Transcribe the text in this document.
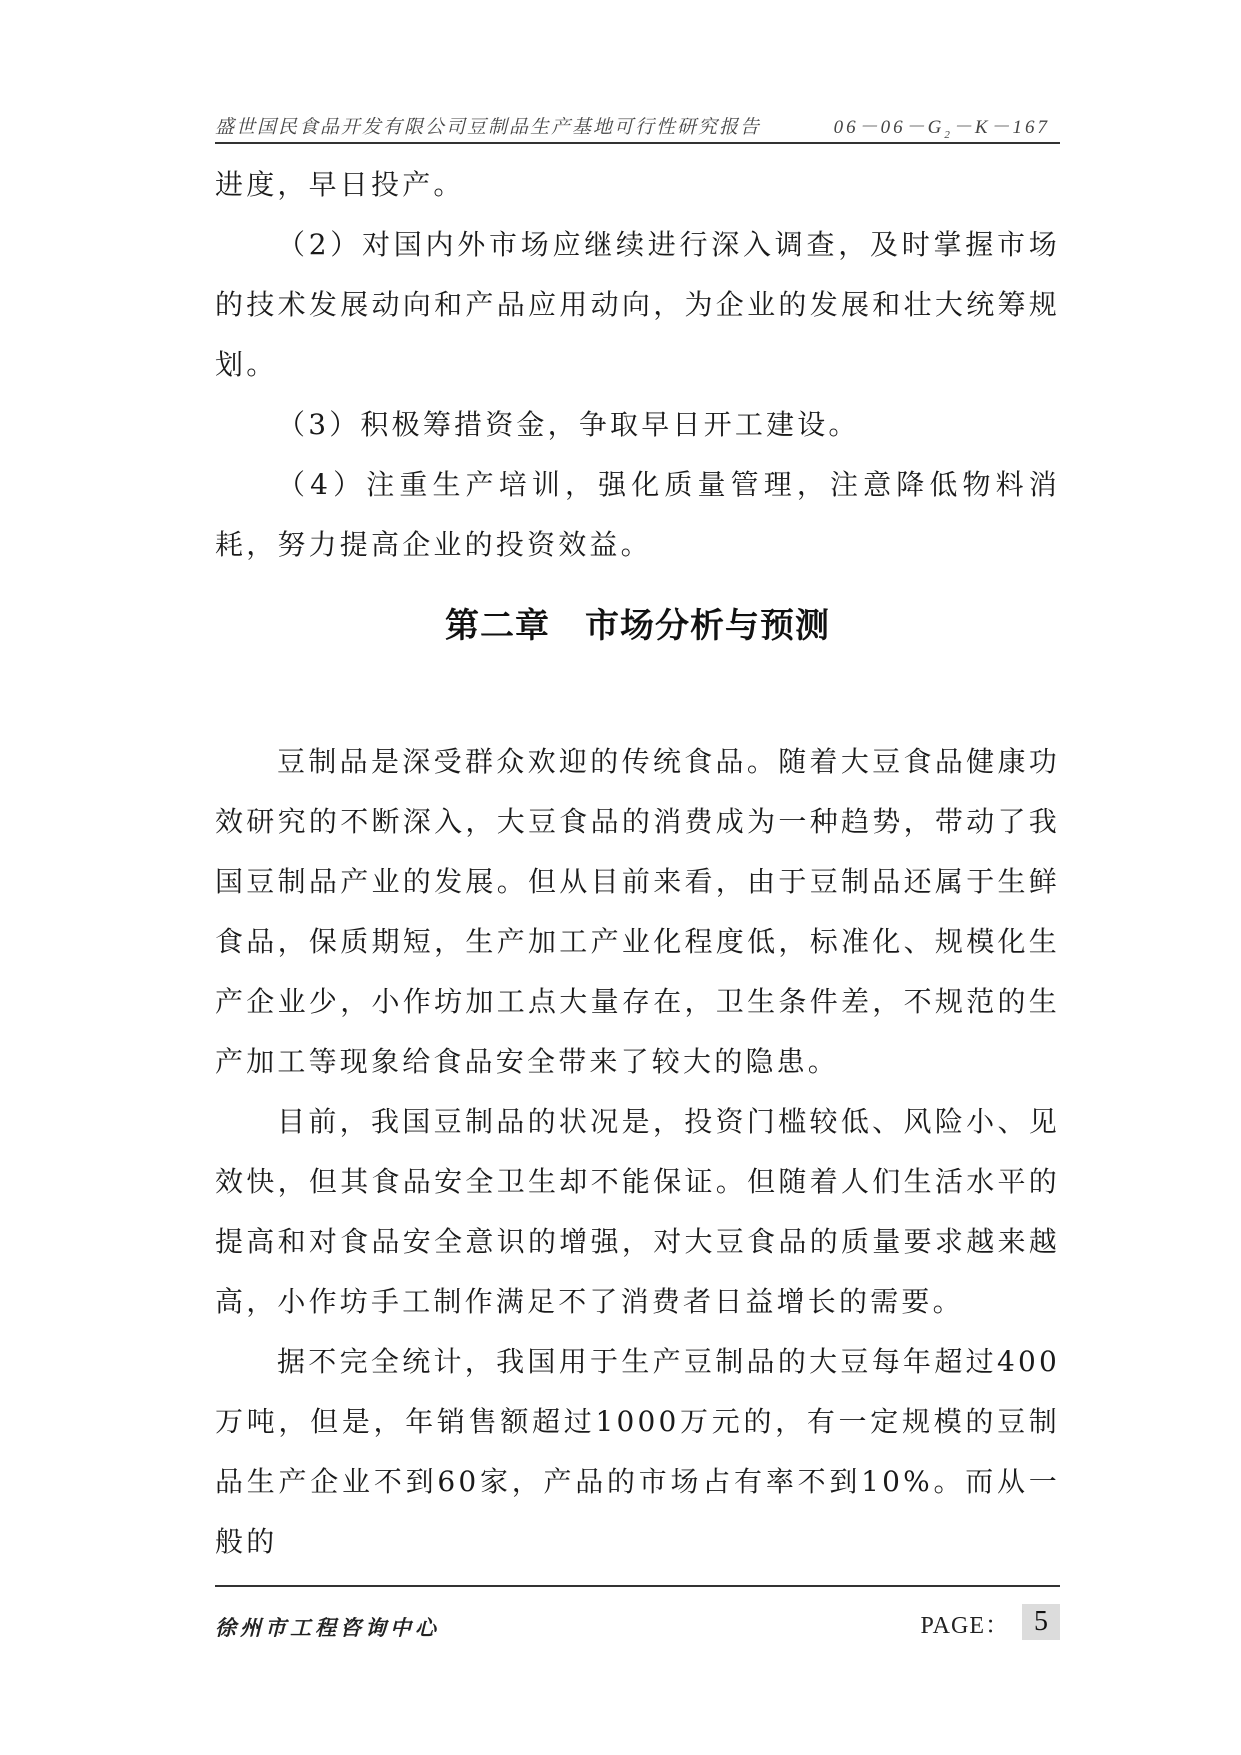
盛世国民食品开发有限公司豆制品生产基地可行性研究报告	$06-06-G_2-K-167$

进度，早日投产。

（2）对国内外市场应继续进行深入调查，及时掌握市场的技术发展动向和产品应用动向，为企业的发展和壮大统筹规划。

（3）积极筹措资金，争取早日开工建设。

（4）注重生产培训，强化质量管理，注意降低物料消耗，努力提高企业的投资效益。

第二章　市场分析与预测

豆制品是深受群众欢迎的传统食品。随着大豆食品健康功效研究的不断深入，大豆食品的消费成为一种趋势，带动了我国豆制品产业的发展。但从目前来看，由于豆制品还属于生鲜食品，保质期短，生产加工产业化程度低，标准化、规模化生产企业少，小作坊加工点大量存在，卫生条件差，不规范的生产加工等现象给食品安全带来了较大的隐患。

目前，我国豆制品的状况是，投资门槛较低、风险小、见效快，但其食品安全卫生却不能保证。但随着人们生活水平的提高和对食品安全意识的增强，对大豆食品的质量要求越来越高，小作坊手工制作满足不了消费者日益增长的需要。

据不完全统计，我国用于生产豆制品的大豆每年超过400万吨，但是，年销售额超过1000万元的，有一定规模的豆制品生产企业不到60家，产品的市场占有率不到10%。而从一般的

徐州市工程咨询中心	PAGE： 5
